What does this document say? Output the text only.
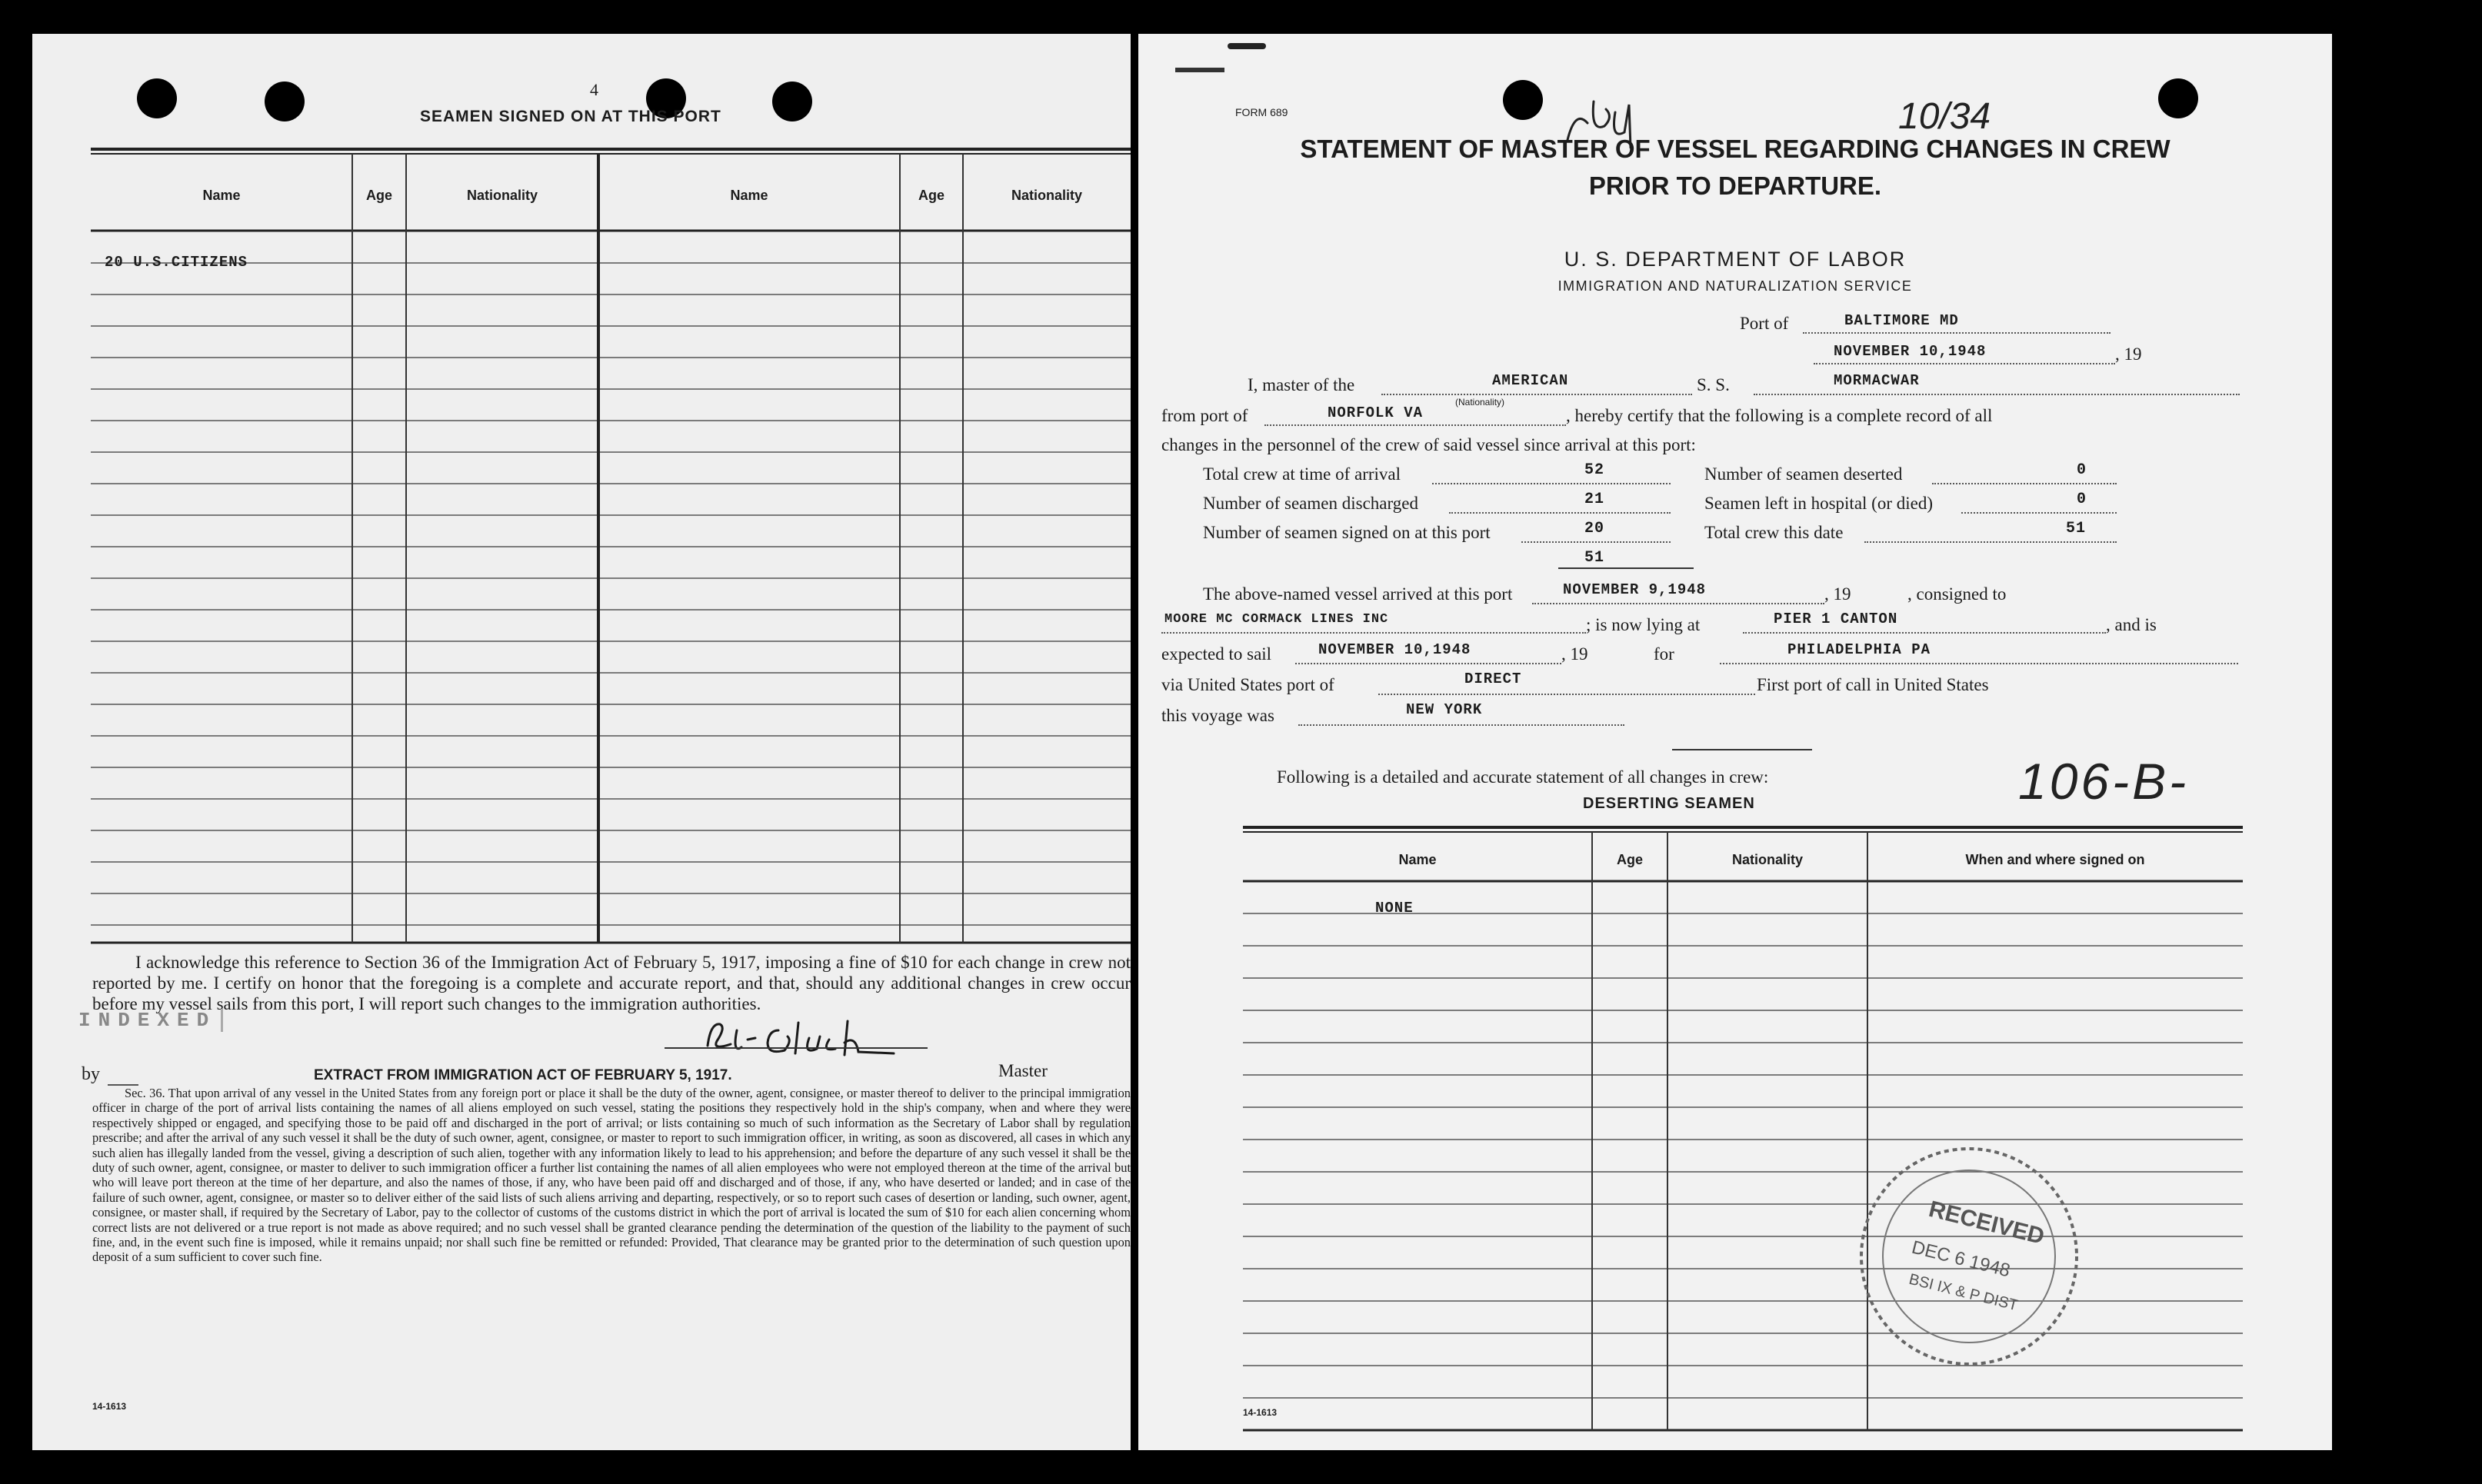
4
SEAMEN SIGNED ON AT THIS PORT
Name	Age	Nationality	Name	Age	Nationality
20 U.S.CITIZENS
I acknowledge this reference to Section 36 of the Immigration Act of February 5, 1917, imposing a fine of $10 for each change in crew not reported by me. I certify on honor that the foregoing is a complete and accurate report, and that, should any additional changes in crew occur before my vessel sails from this port, I will report such changes to the immigration authorities.
Master
INDEXED
by	EXTRACT FROM IMMIGRATION ACT OF FEBRUARY 5, 1917.
Sec. 36. That upon arrival of any vessel in the United States from any foreign port or place it shall be the duty of the owner, agent, consignee, or master thereof to deliver to the principal immigration officer in charge of the port of arrival lists containing the names of all aliens employed on such vessel, stating the positions they respectively hold in the ship's company, when and where they were respectively shipped or engaged, and specifying those to be paid off and discharged in the port of arrival; or lists containing so much of such information as the Secretary of Labor shall by regulation prescribe; and after the arrival of any such vessel it shall be the duty of such owner, agent, consignee, or master to report to such immigration officer, in writing, as soon as discovered, all cases in which any such alien has illegally landed from the vessel, giving a description of such alien, together with any information likely to lead to his apprehension; and before the departure of any such vessel it shall be the duty of such owner, agent, consignee, or master to deliver to such immigration officer a further list containing the names of all alien employees who were not employed thereon at the time of the arrival but who will leave port thereon at the time of her departure, and also the names of those, if any, who have been paid off and discharged and of those, if any, who have deserted or landed; and in case of the failure of such owner, agent, consignee, or master so to deliver either of the said lists of such aliens arriving and departing, respectively, or so to report such cases of desertion or landing, such owner, agent, consignee, or master shall, if required by the Secretary of Labor, pay to the collector of customs of the customs district in which the port of arrival is located the sum of $10 for each alien concerning whom correct lists are not delivered or a true report is not made as above required; and no such vessel shall be granted clearance pending the determination of the question of the liability to the payment of such fine, and, in the event such fine is imposed, while it remains unpaid; nor shall such fine be remitted or refunded: Provided, That clearance may be granted prior to the determination of such question upon deposit of a sum sufficient to cover such fine.
14-1613
FORM 689	10/34
STATEMENT OF MASTER OF VESSEL REGARDING CHANGES IN CREW
PRIOR TO DEPARTURE.
U. S. DEPARTMENT OF LABOR
IMMIGRATION AND NATURALIZATION SERVICE
Port of	BALTIMORE MD
NOVEMBER 10,1948	, 19
I, master of the	AMERICAN	S. S.	MORMACWAR
from port of	NORFOLK VA
(Nationality)
, hereby certify that the following is a complete record of all
changes in the personnel of the crew of said vessel since arrival at this port:
Total crew at time of arrival	52
Number of seamen discharged	21
Number of seamen signed on at this port	20
51
Number of seamen deserted	0
Seamen left in hospital (or died)	0
Total crew this date	51
The above-named vessel arrived at this port	NOVEMBER 9,1948	, 19	, consigned to
MOORE MC CORMACK LINES INC	; is now lying at	PIER 1 CANTON	, and is
expected to sail	NOVEMBER 10,1948	, 19	for	PHILADELPHIA PA
via United States port of	DIRECT	First port of call in United States
this voyage was	NEW YORK
Following is a detailed and accurate statement of all changes in crew:	106-B-
DESERTING SEAMEN
Name	Age	Nationality	When and where signed on
NONE
RECEIVED
DEC 6 1948
BSI IX & P DIST
14-1613
